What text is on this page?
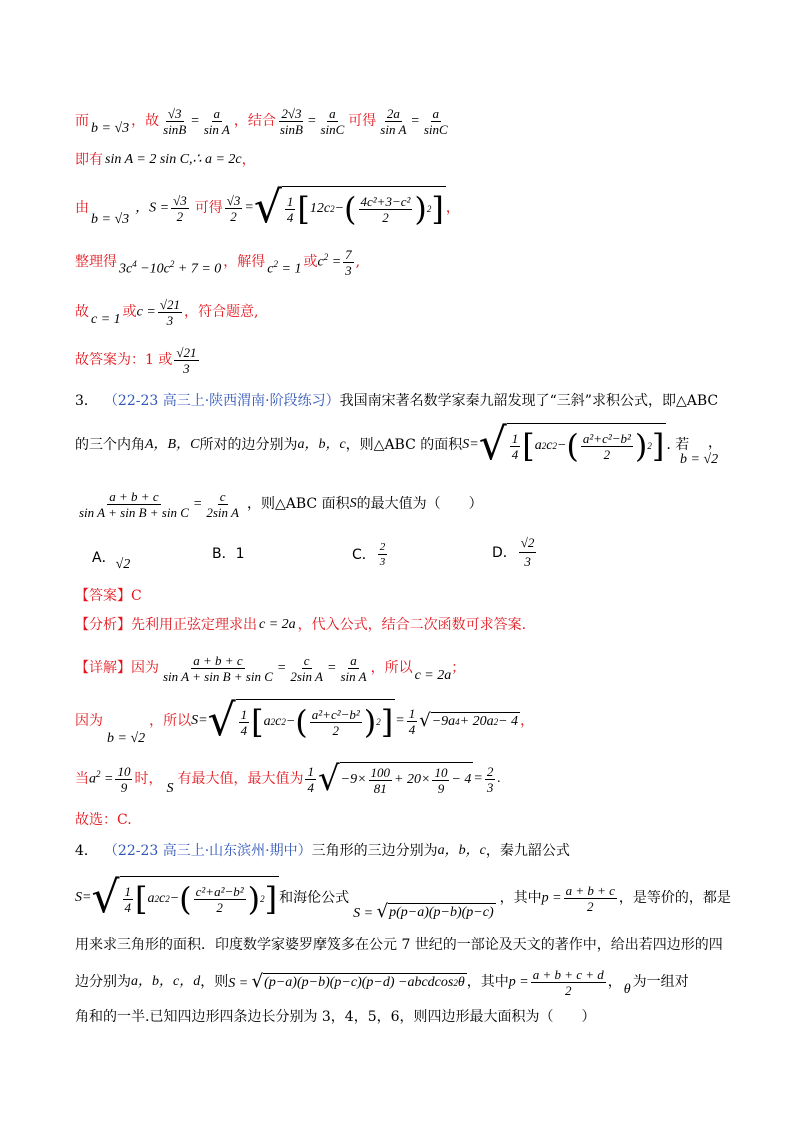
而 b = √3 ，故 $\frac{√3}{\sin B} = \frac{a}{\text{sin A}}$ ，结合 $\frac{2√3}{\sin B} = \frac{a}{\sin C}$ 可得 $\frac{2a}{\text{sin A}} = \frac{a}{\sin C}$
即有 sin A = 2 sin C,∴ a = 2c ，
由
b = √3
，$S = \frac{√3}{2}$ 可得 $\frac{√3}{2}$ = √ $\frac{1}{4}$ [ 12 c 2 − ( $\frac{\text{4c²+3−c²}}{2}$ ) 2 ] ，
整理得 $3c^4 -10c^2 + 7 = 0$ ，解得 $c^2 = 1$ 或 $c^2 = \frac{7}{3}$ ,
故 c = 1 或 $c = \frac{√21}{3}$ ，符合题意,
故答案为：1 或 $\frac{√21}{3}$
3． （22-23 高三上·陕西渭南·阶段练习） 我国南宋著名数学家秦九韶发现了“三斜”求积公式，即△ABC
的三个内角 A，B，C 所对的边分别为 a，b，c ，则△ABC 的面积 S = √ $\frac{1}{4}$ [ a 2 c 2 − ( $\frac{\text{a²+c²−b²}}{2}$ ) 2 ] . 若
b = √2
，
$\frac{a + b + c}{\text{sin A + sin B + sin C}} = \frac{c}{\text{2sin A}}$ ，则△ABC 面积 S 的最大值为（　　）
A． √2
B．1	C． $\frac{2}{3}$	D． $\frac{√2}{3}$
【答案】C
【分析】 先利用正弦定理求出 c = 2a ，代入公式，结合二次函数可求答案.
【详解】 因为 $\frac{a + b + c}{\text{sin A + sin B + sin C}} = \frac{c}{\text{2sin A}} = \frac{a}{\text{sin A}}$ ，所以 c = 2a ；
因为
b = √2
，所以 S = √ $\frac{1}{4}$ [ a 2 c 2 − ( $\frac{\text{a²+c²−b²}}{2}$ ) 2 ] = $\frac{1}{4}$ √ −9 a 4 + 20 a 2 − 4 ，
当 $a^2 = \frac{10}{9}$ 时，
S
有最大值，最大值为 $\frac{1}{4}$ √ $-9\times \frac{100}{81} + 20\times \frac{10}{9} - 4 = \frac{2}{3}$ .
故选：C.
4． （22-23 高三上·山东滨州·期中） 三角形的三边分别为 a，b，c ，秦九韶公式
S = √ $\frac{1}{4}$ [ a 2 c 2 − ( $\frac{\text{c²+a²−b²}}{2}$ ) 2 ] 和海伦公式
S = √ p ( p − a )( p − b )( p − c )
，其中 $p = \frac{a + b + c}{2}$ ，是等价的，都是
用来求三角形的面积．印度数学家婆罗摩笈多在公元 7 世纪的一部论及天文的著作中，给出若四边形的四
边分别为 a，b，c，d ，则 S = √ ( p − a )( p − b )( p − c )( p − d ) − abcd cos 2 θ ，其中 $p = \frac{a + b + c + d}{2}$ ， θ 为一组对
角和的一半.已知四边形四条边长分别为 3，4，5，6，则四边形最大面积为（　　）
